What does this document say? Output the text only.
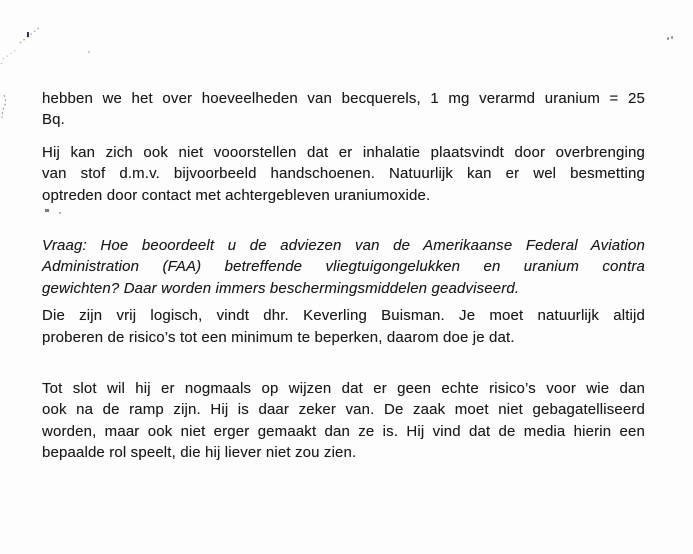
hebben we het over hoeveelheden van becquerels, 1 mg verarmd uranium = 25
Bq.
Hij kan zich ook niet vooorstellen dat er inhalatie plaatsvindt door overbrenging
van stof d.m.v. bijvoorbeeld handschoenen. Natuurlijk kan er wel besmetting
optreden door contact met achtergebleven uraniumoxide.
Vraag: Hoe beoordeelt u de adviezen van de Amerikaanse Federal Aviation
Administration (FAA) betreffende vliegtuigongelukken en uranium contra
gewichten? Daar worden immers beschermingsmiddelen geadviseerd.
Die zijn vrij logisch, vindt dhr. Keverling Buisman. Je moet natuurlijk altijd
proberen de risico’s tot een minimum te beperken, daarom doe je dat.
Tot slot wil hij er nogmaals op wijzen dat er geen echte risico’s voor wie dan
ook na de ramp zijn. Hij is daar zeker van. De zaak moet niet gebagatelliseerd
worden, maar ook niet erger gemaakt dan ze is. Hij vind dat de media hierin een
bepaalde rol speelt, die hij liever niet zou zien.
